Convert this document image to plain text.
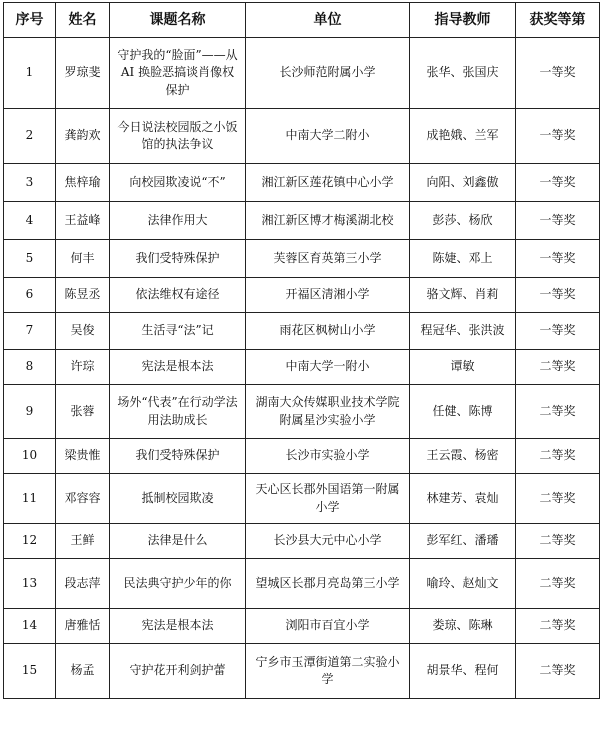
序号	姓名	课题名称	单位	指导教师	获奖等第
1	罗琼斐	守护我的“脸面”——从 AI 换脸恶搞谈肖像权保护	长沙师范附属小学	张华、张国庆	一等奖
2	龚韵欢	今日说法校园版之小饭馆的执法争议	中南大学二附小	成艳娥、兰军	一等奖
3	焦梓瑜	向校园欺凌说“不”	湘江新区莲花镇中心小学	向阳、刘鑫傲	一等奖
4	王益峰	法律作用大	湘江新区博才梅溪湖北校	彭莎、杨欣	一等奖
5	何丰	我们受特殊保护	芙蓉区育英第三小学	陈婕、邓上	一等奖
6	陈昱丞	依法维权有途径	开福区清湘小学	骆文辉、肖莉	一等奖
7	吴俊	生活寻“法”记	雨花区枫树山小学	程冠华、张洪波	一等奖
8	许琮	宪法是根本法	中南大学一附小	谭敏	二等奖
9	张蓉	场外“代表”在行动学法用法助成长	湖南大众传媒职业技术学院附属星沙实验小学	任健、陈博	二等奖
10	梁贵惟	我们受特殊保护	长沙市实验小学	王云霞、杨密	二等奖
11	邓容容	抵制校园欺凌	天心区长郡外国语第一附属小学	林建芳、袁灿	二等奖
12	王鲜	法律是什么	长沙县大元中心小学	彭军红、潘璠	二等奖
13	段志萍	民法典守护少年的你	望城区长郡月亮岛第三小学	喻玲、赵灿文	二等奖
14	唐雅恬	宪法是根本法	浏阳市百宜小学	娄琼、陈琳	二等奖
15	杨孟	守护花开利剑护蕾	宁乡市玉潭街道第二实验小学	胡景华、程何	二等奖
